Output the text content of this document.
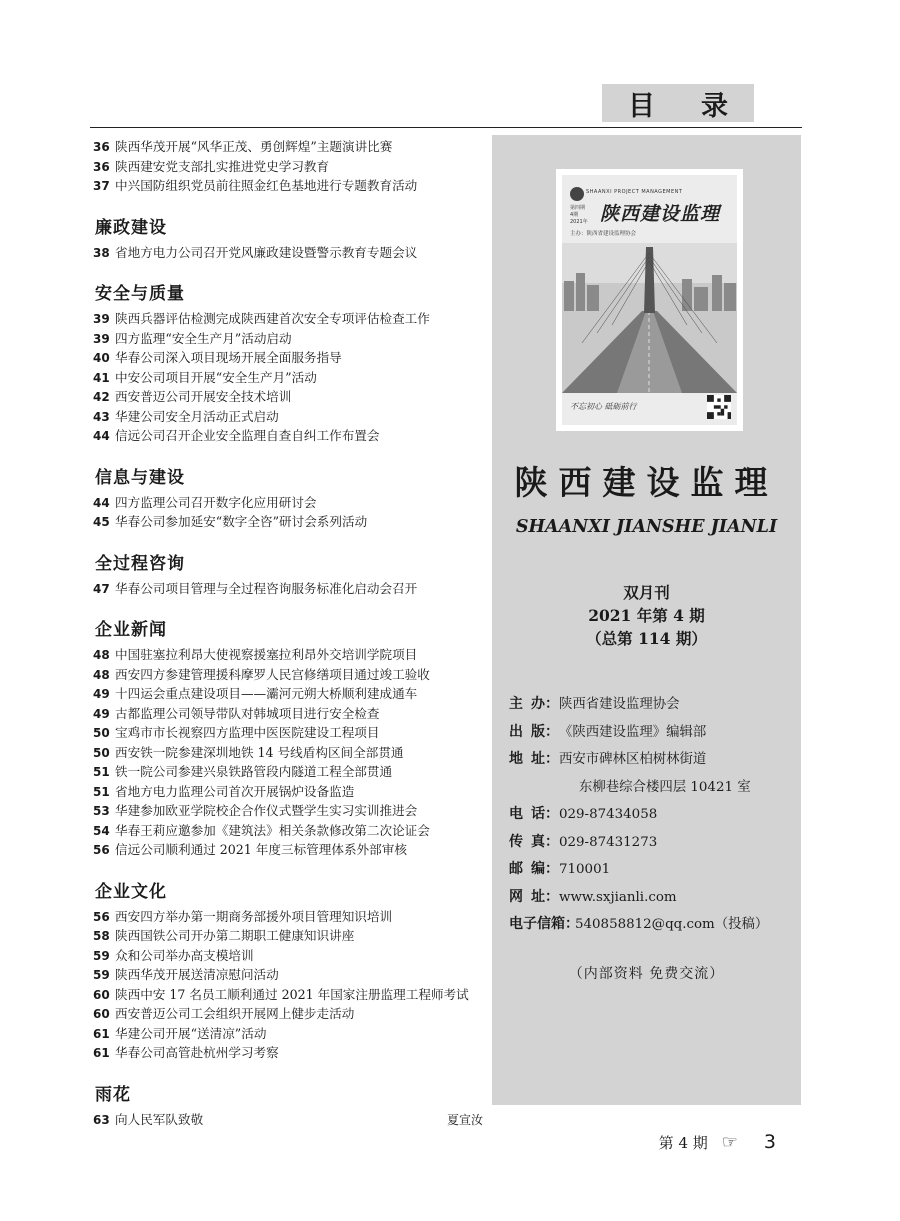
目 录
36 陕西华茂开展“风华正茂、勇创辉煌”主题演讲比赛
36 陕西建安党支部扎实推进党史学习教育
37 中兴国防组织党员前往照金红色基地进行专题教育活动
廉政建设
38 省地方电力公司召开党风廉政建设暨警示教育专题会议
安全与质量
39 陕西兵器评估检测完成陕西建首次安全专项评估检查工作
39 四方监理“安全生产月”活动启动
40 华春公司深入项目现场开展全面服务指导
41 中安公司项目开展“安全生产月”活动
42 西安普迈公司开展安全技术培训
43 华建公司安全月活动正式启动
44 信远公司召开企业安全监理自查自纠工作布置会
信息与建设
44 四方监理公司召开数字化应用研讨会
45 华春公司参加延安“数字全咨”研讨会系列活动
全过程咨询
47 华春公司项目管理与全过程咨询服务标准化启动会召开
企业新闻
48 中国驻塞拉利昂大使视察援塞拉利昂外交培训学院项目
48 西安四方参建管理援科摩罗人民宫修缮项目通过竣工验收
49 十四运会重点建设项目——灞河元朔大桥顺利建成通车
49 古都监理公司领导带队对韩城项目进行安全检查
50 宝鸡市市长视察四方监理中医医院建设工程项目
50 西安铁一院参建深圳地铁 14 号线盾构区间全部贯通
51 铁一院公司参建兴泉铁路管段内隧道工程全部贯通
51 省地方电力监理公司首次开展锅炉设备监造
53 华建参加欧亚学院校企合作仪式暨学生实习实训推进会
54 华春王莉应邀参加《建筑法》相关条款修改第二次论证会
56 信远公司顺利通过 2021 年度三标管理体系外部审核
企业文化
56 西安四方举办第一期商务部援外项目管理知识培训
58 陕西国铁公司开办第二期职工健康知识讲座
59 众和公司举办高支模培训
59 陕西华茂开展送清凉慰问活动
60 陕西中安 17 名员工顺利通过 2021 年国家注册监理工程师考试
60 西安普迈公司工会组织开展网上健步走活动
61 华建公司开展“送清凉”活动
61 华春公司高管赴杭州学习考察
雨花
63 向人民军队致敬	夏宣汝
SHAANXI PROJECT MANAGEMENT
陕西建设监理
第四期
4期
2021年
主办：陕西省建设监理协会
不忘初心 砥砺前行
陕西建设监理
SHAANXI JIANSHE JIANLI
双月刊
2021 年第 4 期
（总第 114 期）
主 办： 陕西省建设监理协会
出 版： 《陕西建设监理》编辑部
地 址： 西安市碑林区柏树林街道
东柳巷综合楼四层 10421 室
电 话： 029-87434058
传 真： 029-87431273
邮 编： 710001
网 址： www.sxjianli.com
电子信箱：
540858812@qq.com（投稿）
（内部资料 免费交流）
第 4 期 ☞ 3
